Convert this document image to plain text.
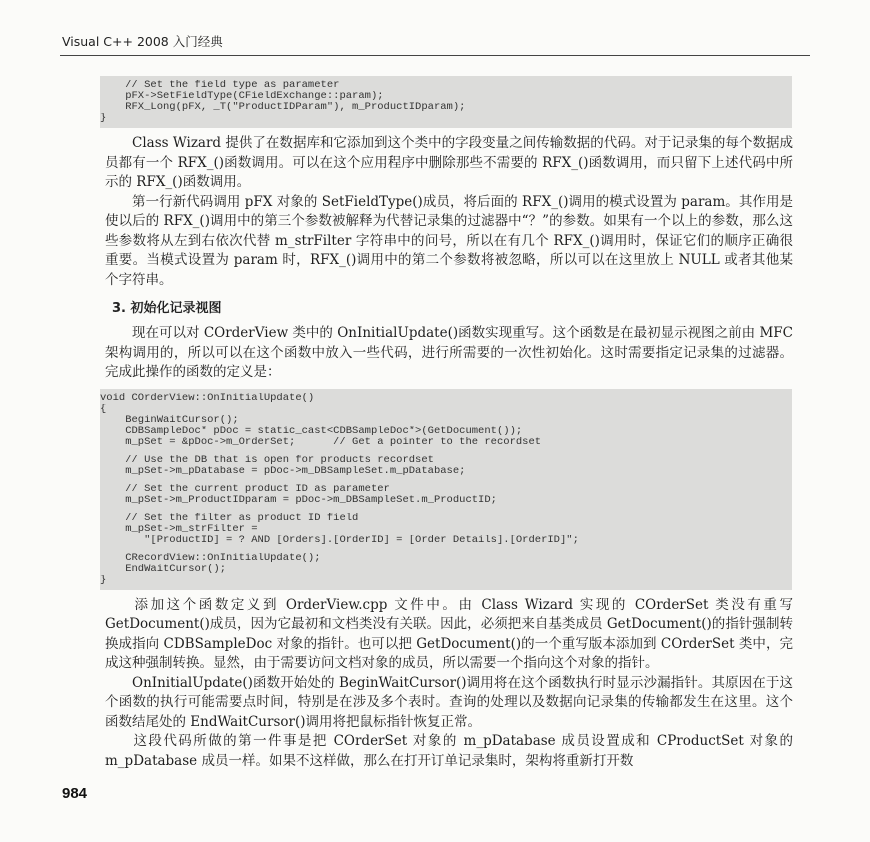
Visual C++ 2008 入门经典
// Set the field type as parameter
pFX->SetFieldType(CFieldExchange::param);
RFX_Long(pFX, _T("ProductIDParam"), m_ProductIDparam);
}
Class Wizard 提供了在数据库和它添加到这个类中的字段变量之间传输数据的代码。对于记录集的每个数据成员都有一个 RFX_()函数调用。可以在这个应用程序中删除那些不需要的 RFX_()函数调用，而只留下上述代码中所示的 RFX_()函数调用。
第一行新代码调用 pFX 对象的 SetFieldType()成员，将后面的 RFX_()调用的模式设置为 param。其作用是使以后的 RFX_()调用中的第三个参数被解释为代替记录集的过滤器中“？”的参数。如果有一个以上的参数，那么这些参数将从左到右依次代替 m_strFilter 字符串中的问号，所以在有几个 RFX_()调用时，保证它们的顺序正确很重要。当模式设置为 param 时，RFX_()调用中的第二个参数将被忽略，所以可以在这里放上 NULL 或者其他某个字符串。
3. 初始化记录视图
现在可以对 COrderView 类中的 OnInitialUpdate()函数实现重写。这个函数是在最初显示视图之前由 MFC 架构调用的，所以可以在这个函数中放入一些代码，进行所需要的一次性初始化。这时需要指定记录集的过滤器。完成此操作的函数的定义是：
void COrderView::OnInitialUpdate()
{
BeginWaitCursor();
CDBSampleDoc* pDoc = static_cast<CDBSampleDoc*>(GetDocument());
m_pSet = &pDoc->m_OrderSet;      // Get a pointer to the recordset
// Use the DB that is open for products recordset
m_pSet->m_pDatabase = pDoc->m_DBSampleSet.m_pDatabase;
// Set the current product ID as parameter
m_pSet->m_ProductIDparam = pDoc->m_DBSampleSet.m_ProductID;
// Set the filter as product ID field
m_pSet->m_strFilter =
"[ProductID] = ? AND [Orders].[OrderID] = [Order Details].[OrderID]";
CRecordView::OnInitialUpdate();
EndWaitCursor();
}
添加这个函数定义到 OrderView.cpp 文件中。由 Class Wizard 实现的 COrderSet 类没有重写 GetDocument()成员，因为它最初和文档类没有关联。因此，必须把来自基类成员 GetDocument()的指针强制转换成指向 CDBSampleDoc 对象的指针。也可以把 GetDocument()的一个重写版本添加到 COrderSet 类中，完成这种强制转换。显然，由于需要访问文档对象的成员，所以需要一个指向这个对象的指针。
OnInitialUpdate()函数开始处的 BeginWaitCursor()调用将在这个函数执行时显示沙漏指针。其原因在于这个函数的执行可能需要点时间，特别是在涉及多个表时。查询的处理以及数据向记录集的传输都发生在这里。这个函数结尾处的 EndWaitCursor()调用将把鼠标指针恢复正常。
这段代码所做的第一件事是把 COrderSet 对象的 m_pDatabase 成员设置成和 CProductSet 对象的 m_pDatabase 成员一样。如果不这样做，那么在打开订单记录集时，架构将重新打开数
984
